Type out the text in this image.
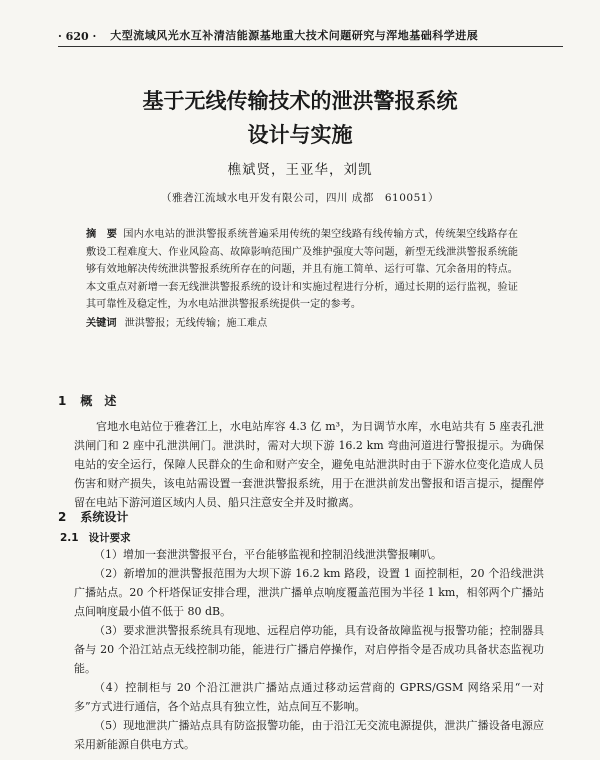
· 620 · 大型流域风光水互补清洁能源基地重大技术问题研究与浑地基础科学进展
基于无线传输技术的泄洪警报系统
设计与实施
樵斌贤，王亚华，刘凯
（雅砻江流域水电开发有限公司，四川 成都　610051）
摘　要 国内水电站的泄洪警报系统普遍采用传统的架空线路有线传输方式，传统架空线路存在敷设工程难度大、作业风险高、故障影响范围广及维护强度大等问题，新型无线泄洪警报系统能够有效地解决传统泄洪警报系统所存在的问题，并且有施工简单、运行可靠、冗余备用的特点。本文重点对新增一套无线泄洪警报系统的设计和实施过程进行分析，通过长期的运行监视，验证其可靠性及稳定性，为水电站泄洪警报系统提供一定的参考。
关键词 泄洪警报；无线传输；施工难点
1 概　述

官地水电站位于雅砻江上，水电站库容 4.3 亿 m³，为日调节水库，水电站共有 5 座表孔泄洪闸门和 2 座中孔泄洪闸门。泄洪时，需对大坝下游 16.2 km 弯曲河道进行警报提示。为确保电站的安全运行，保障人民群众的生命和财产安全，避免电站泄洪时由于下游水位变化造成人员伤害和财产损失，该电站需设置一套泄洪警报系统，用于在泄洪前发出警报和语言提示，提醒停留在电站下游河道区域内人员、船只注意安全并及时撤离。

2 系统设计
2.1 设计要求

（1）增加一套泄洪警报平台，平台能够监视和控制沿线泄洪警报喇叭。

（2）新增加的泄洪警报范围为大坝下游 16.2 km 路段，设置 1 面控制柜，20 个沿线泄洪广播站点。20 个杆塔保证安排合理，泄洪广播单点响度覆盖范围为半径 1 km，相邻两个广播站点间响度最小值不低于 80 dB。

（3）要求泄洪警报系统具有现地、远程启停功能，具有设备故障监视与报警功能；控制器具备与 20 个沿江站点无线控制功能，能进行广播启停操作，对启停指令是否成功具备状态监视功能。

（4）控制柜与 20 个沿江泄洪广播站点通过移动运营商的 GPRS/GSM 网络采用“一对多”方式进行通信，各个站点具有独立性，站点间互不影响。

（5）现地泄洪广播站点具有防盗报警功能，由于沿江无交流电源提供，泄洪广播设备电源应采用新能源自供电方式。
